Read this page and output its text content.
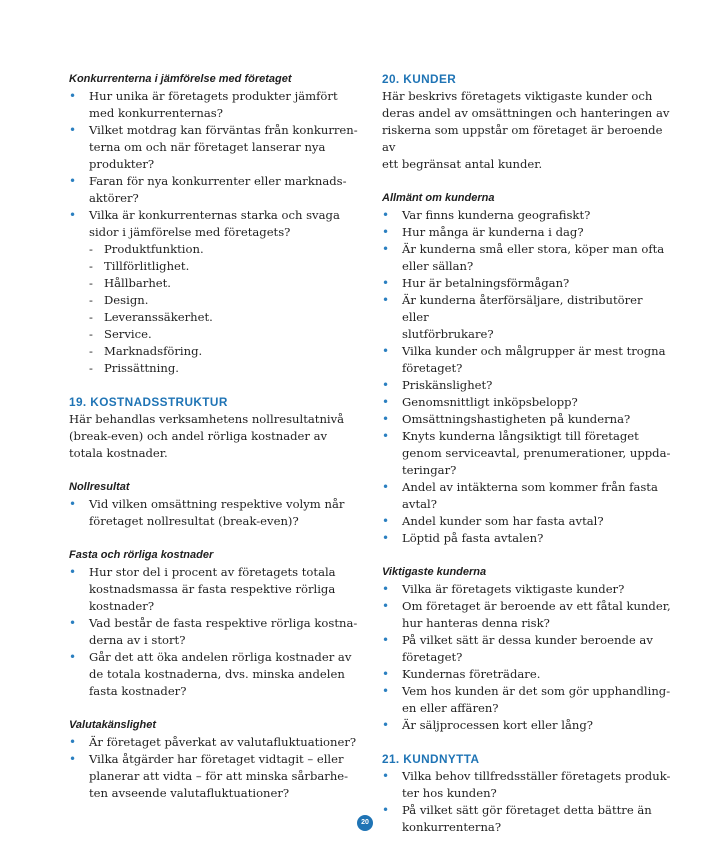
Konkurrenterna i jämförelse med företaget
• Hur unika är företagets produkter jämfört
med konkurrenternas?
• Vilket motdrag kan förväntas från konkurren-
terna om och när företaget lanserar nya
produkter?
• Faran för nya konkurrenter eller marknads-
aktörer?
• Vilka är konkurrenternas starka och svaga
sidor i jämförelse med företagets?
- Produktfunktion.
- Tillförlitlighet.
- Hållbarhet.
- Design.
- Leveranssäkerhet.
- Service.
- Marknadsföring.
- Prissättning.
19. KOSTNADSSTRUKTUR
Här behandlas verksamhetens nollresultatnivå
(break-even) och andel rörliga kostnader av
totala kostnader.
Nollresultat
• Vid vilken omsättning respektive volym når
företaget nollresultat (break-even)?
Fasta och rörliga kostnader
• Hur stor del i procent av företagets totala
kostnadsmassa är fasta respektive rörliga
kostnader?
• Vad består de fasta respektive rörliga kostna-
derna av i stort?
• Går det att öka andelen rörliga kostnader av
de totala kostnaderna, dvs. minska andelen
fasta kostnader?
Valutakänslighet
• Är företaget påverkat av valutafluktuationer?
• Vilka åtgärder har företaget vidtagit – eller
planerar att vidta – för att minska sårbarhe-
ten avseende valutafluktuationer?
20. KUNDER
Här beskrivs företagets viktigaste kunder och
deras andel av omsättningen och hanteringen av
riskerna som uppstår om företaget är beroende av
ett begränsat antal kunder.
Allmänt om kunderna
• Var finns kunderna geografiskt?
• Hur många är kunderna i dag?
• Är kunderna små eller stora, köper man ofta
eller sällan?
• Hur är betalningsförmågan?
• Är kunderna återförsäljare, distributörer eller
slutförbrukare?
• Vilka kunder och målgrupper är mest trogna
företaget?
• Priskänslighet?
• Genomsnittligt inköpsbelopp?
• Omsättningshastigheten på kunderna?
• Knyts kunderna långsiktigt till företaget
genom serviceavtal, prenumerationer, uppda-
teringar?
• Andel av intäkterna som kommer från fasta
avtal?
• Andel kunder som har fasta avtal?
• Löptid på fasta avtalen?
Viktigaste kunderna
• Vilka är företagets viktigaste kunder?
• Om företaget är beroende av ett fåtal kunder,
hur hanteras denna risk?
• På vilket sätt är dessa kunder beroende av
företaget?
• Kundernas företrädare.
• Vem hos kunden är det som gör upphandling-
en eller affären?
• Är säljprocessen kort eller lång?
21. KUNDNYTTA
• Vilka behov tillfredsställer företagets produk-
ter hos kunden?
• På vilket sätt gör företaget detta bättre än
konkurrenterna?
20
